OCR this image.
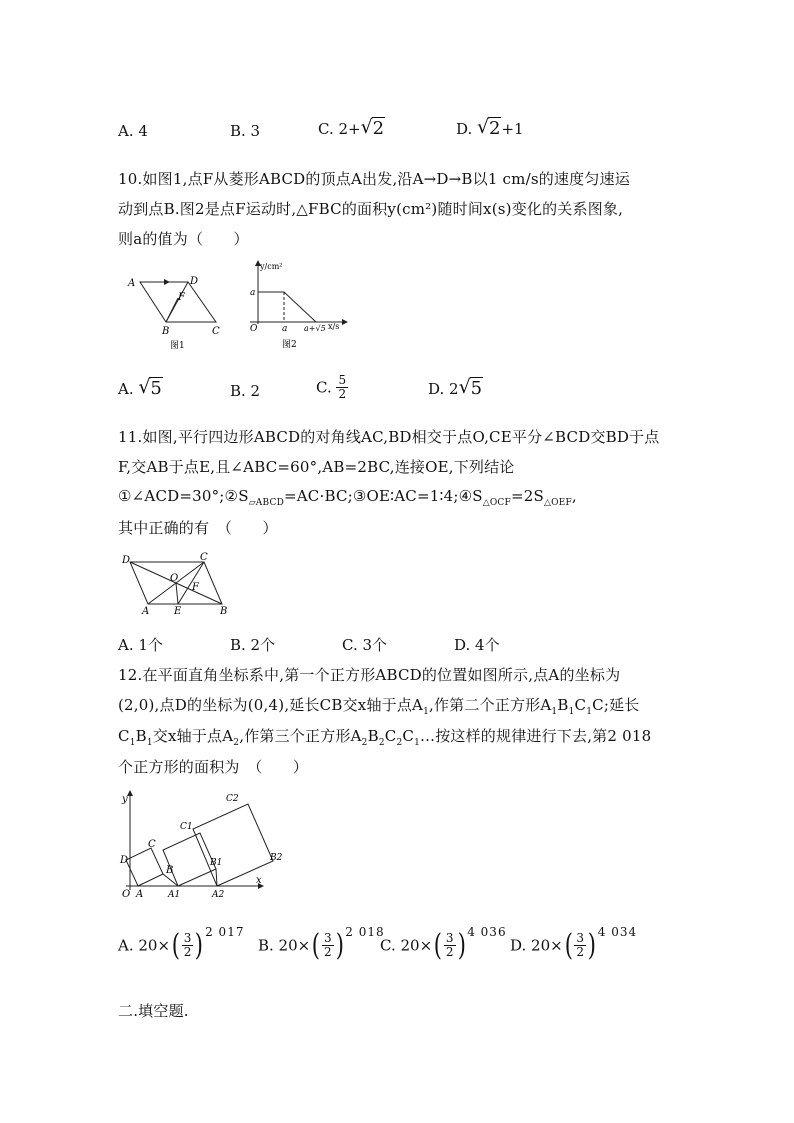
A. 4	B. 3	C. 2+ √ 2	D. √ 2+1
10.如图1,点F从菱形ABCD的顶点A出发,沿A→D→B以1 cm/s的速度匀速运
动到点B.图2是点F运动时,△FBC的面积y(cm²)随时间x(s)变化的关系图象,
则a的值为（　　）
A	D
F
B	C
图1
y/cm²
a
O	a a+√5 x/s
图2
A. √ 5	B. 2	C. $\frac{5}{2}$	D. 2 √ 5
11.如图,平行四边形ABCD的对角线AC,BD相交于点O,CE平分∠BCD交BD于点
F,交AB于点E,且∠ABC=60°,AB=2BC,连接OE,下列结论
$①\angle ACD=30^\circ;②S_{▱ABCD}=AC\cdot BC;③OE∶AC=1∶4;④S_{\triangle OCF}=2S_{\triangle OEF}$,
其中正确的有　（　　）
D	C
O
F
A E	B
A. 1个	B. 2个	C. 3个	D. 4个
12.在平面直角坐标系中,第一个正方形ABCD的位置如图所示,点A的坐标为
(2,0),点D的坐标为(0,4),延长CB交x轴于点$A_1$,作第二个正方形$A_1B_1C_1C$;延长
$C_1B_1$交x轴于点$A_2$,作第三个正方形$A_2B_2C_2C_1\dots$按这样的规律进行下去,第2 018
个正方形的面积为　（　　）
y
x
O A	A1	A2
D
C
B
C1
B1
C2
B2
A. $20\times( \frac{3}{2}$ ) $^{2 017}$
B. $20\times( \frac{3}{2}$ ) $^{2 018}$
C. $20\times( \frac{3}{2}$ ) $^{4 036}$
D. $20\times( \frac{3}{2}$ ) $^{4 034}$
二.填空题.
